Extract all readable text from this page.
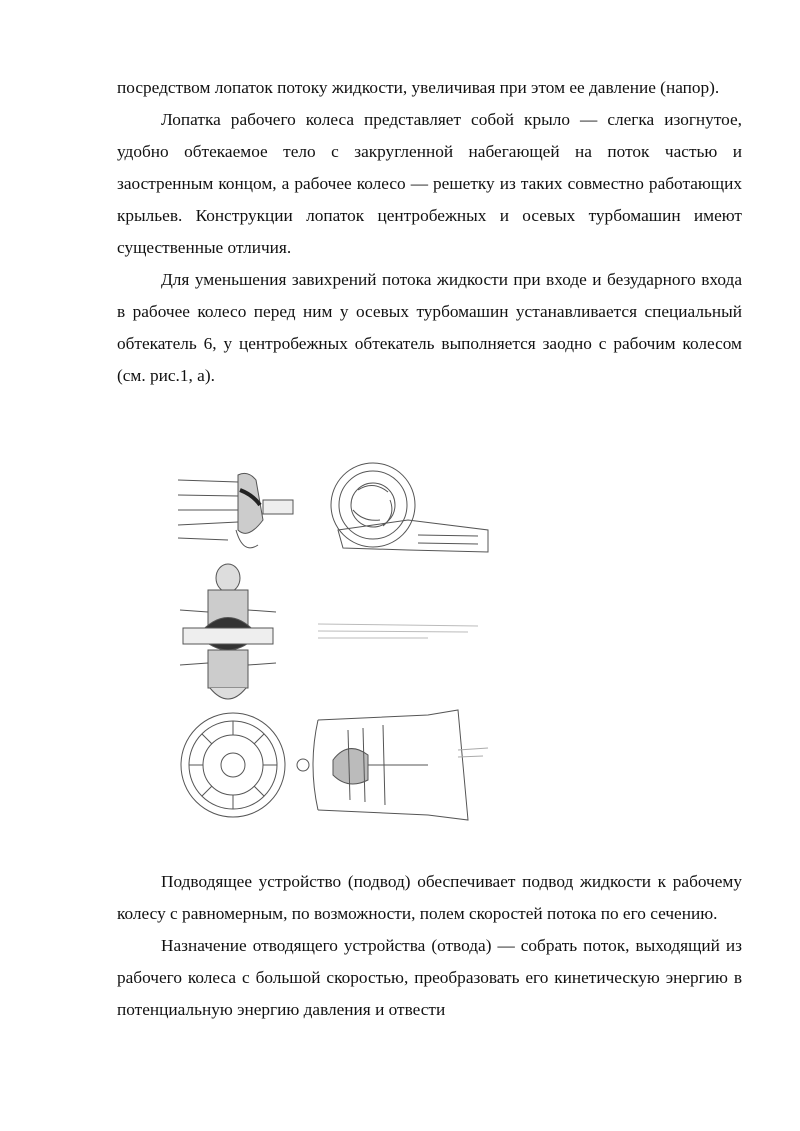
посредством лопаток потоку жидкости, увеличивая при этом ее давление (напор).

Лопатка рабочего колеса представляет собой крыло — слегка изогнутое, удобно обтекаемое тело с закругленной набегающей на поток частью и заостренным концом, а рабочее колесо — решетку из таких совместно работающих крыльев. Конструкции лопаток центробежных и осевых турбомашин имеют существенные отличия.

Для уменьшения завихрений потока жидкости при входе и безударного входа в рабочее колесо перед ним у осевых турбомашин устанавливается специальный обтекатель 6, у центробежных обтекатель выполняется заодно с рабочим колесом (см. рис.1, а).

Подводящее устройство (подвод) обеспечивает подвод жидкости к рабочему колесу с равномерным, по возможности, полем скоростей потока по его сечению.

Назначение отводящего устройства (отвода) — собрать поток, выходящий из рабочего колеса с большой скоростью, преобразовать его кинетическую энергию в потенциальную энергию давления и отвести
